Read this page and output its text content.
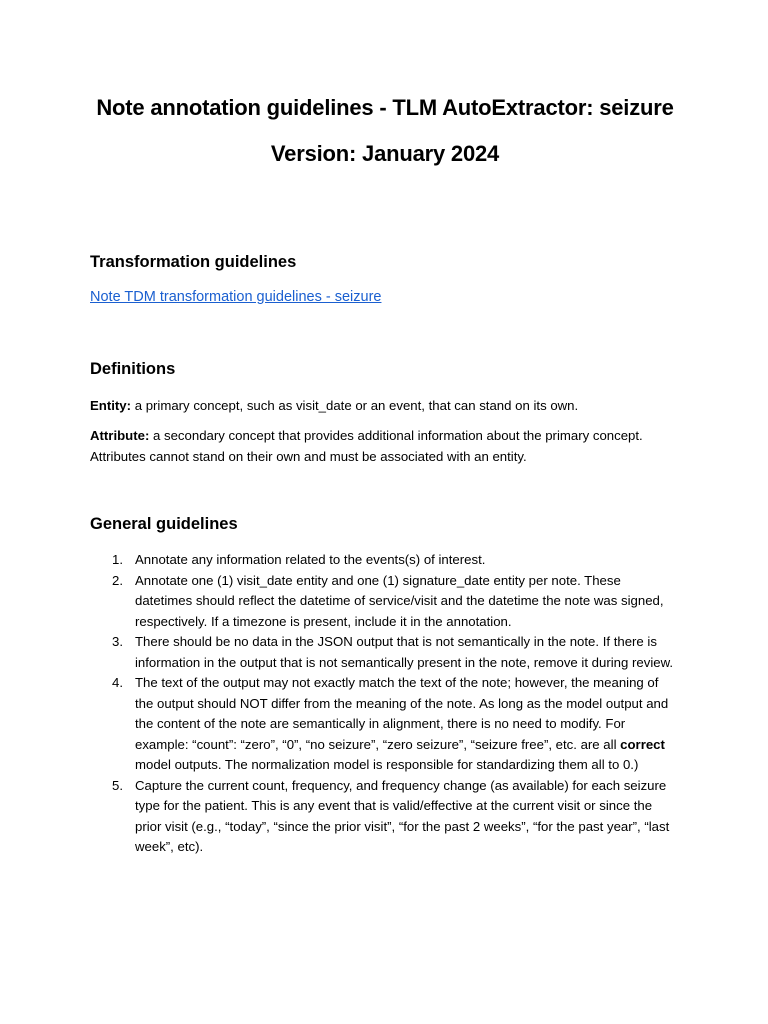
Note annotation guidelines - TLM AutoExtractor: seizure
Version: January 2024
Transformation guidelines
Note TDM transformation guidelines - seizure
Definitions
Entity: a primary concept, such as visit_date or an event, that can stand on its own.
Attribute: a secondary concept that provides additional information about the primary concept. Attributes cannot stand on their own and must be associated with an entity.
General guidelines
1. Annotate any information related to the events(s) of interest.
2. Annotate one (1) visit_date entity and one (1) signature_date entity per note. These datetimes should reflect the datetime of service/visit and the datetime the note was signed, respectively. If a timezone is present, include it in the annotation.
3. There should be no data in the JSON output that is not semantically in the note. If there is information in the output that is not semantically present in the note, remove it during review.
4. The text of the output may not exactly match the text of the note; however, the meaning of the output should NOT differ from the meaning of the note. As long as the model output and the content of the note are semantically in alignment, there is no need to modify. For example: “count”: “zero”, “0”, “no seizure”, “zero seizure”, “seizure free”, etc. are all correct model outputs. The normalization model is responsible for standardizing them all to 0.)
5. Capture the current count, frequency, and frequency change (as available) for each seizure type for the patient. This is any event that is valid/effective at the current visit or since the prior visit (e.g., “today”, “since the prior visit”, “for the past 2 weeks”, “for the past year”, “last week”, etc).
